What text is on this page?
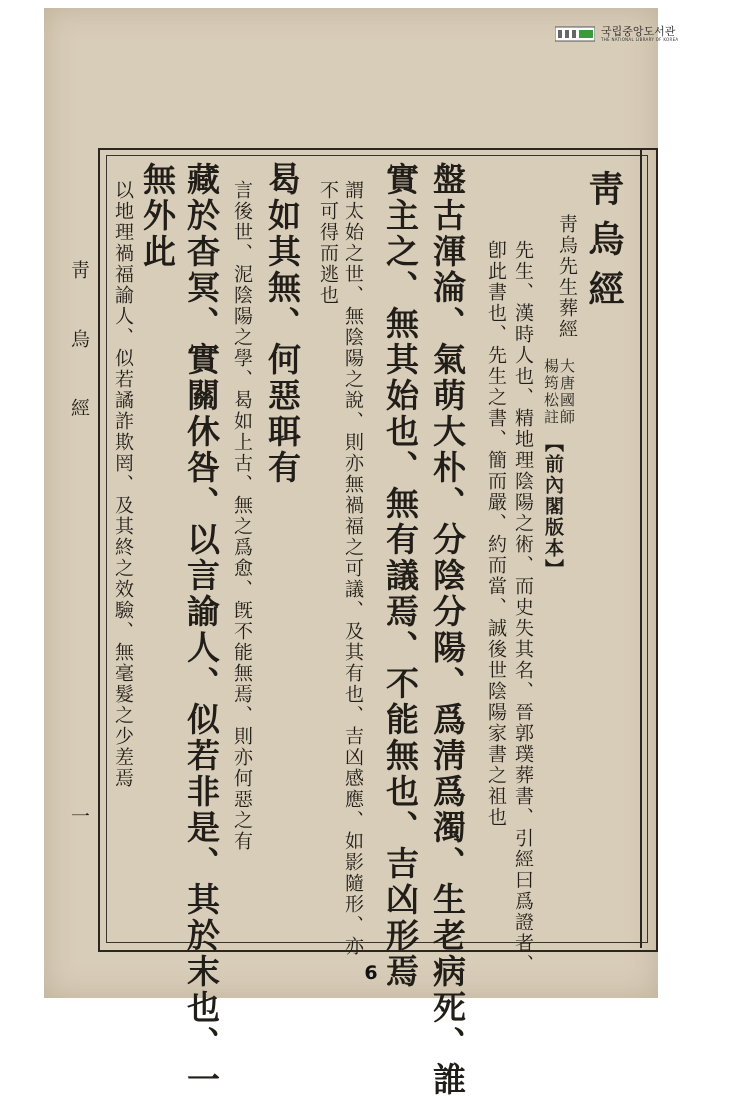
국립중앙도서관
THE NATIONAL LIBRARY OF KOREA
靑烏經
靑烏先生葬經
大唐國師
楊筠松註
【前內閣版本】
先生、漢時人也、精地理陰陽之術、而史失其名、晉郭璞葬書、引經曰爲證者、
卽此書也、先生之書、簡而嚴、約而當、誠後世陰陽家書之祖也
盤古渾淪、氣萌大朴、分陰分陽、爲淸爲濁、生老病死、誰
實主之、無其始也、無有議焉、不能無也、吉凶形焉
謂太始之世、無陰陽之說、則亦無禍福之可議、及其有也、吉凶感應、如影隨形、亦
不可得而逃也
曷如其無、何惡聑有
言後世、泥陰陽之學、曷如上古、無之爲愈、旣不能無焉、則亦何惡之有
藏於杳冥、實關休咎、以言諭人、似若非是、其於末也、一
無外此
以地理禍福諭人、似若譎詐欺罔、及其終之效驗、無毫髮之少差焉
靑 烏 經
一
6
